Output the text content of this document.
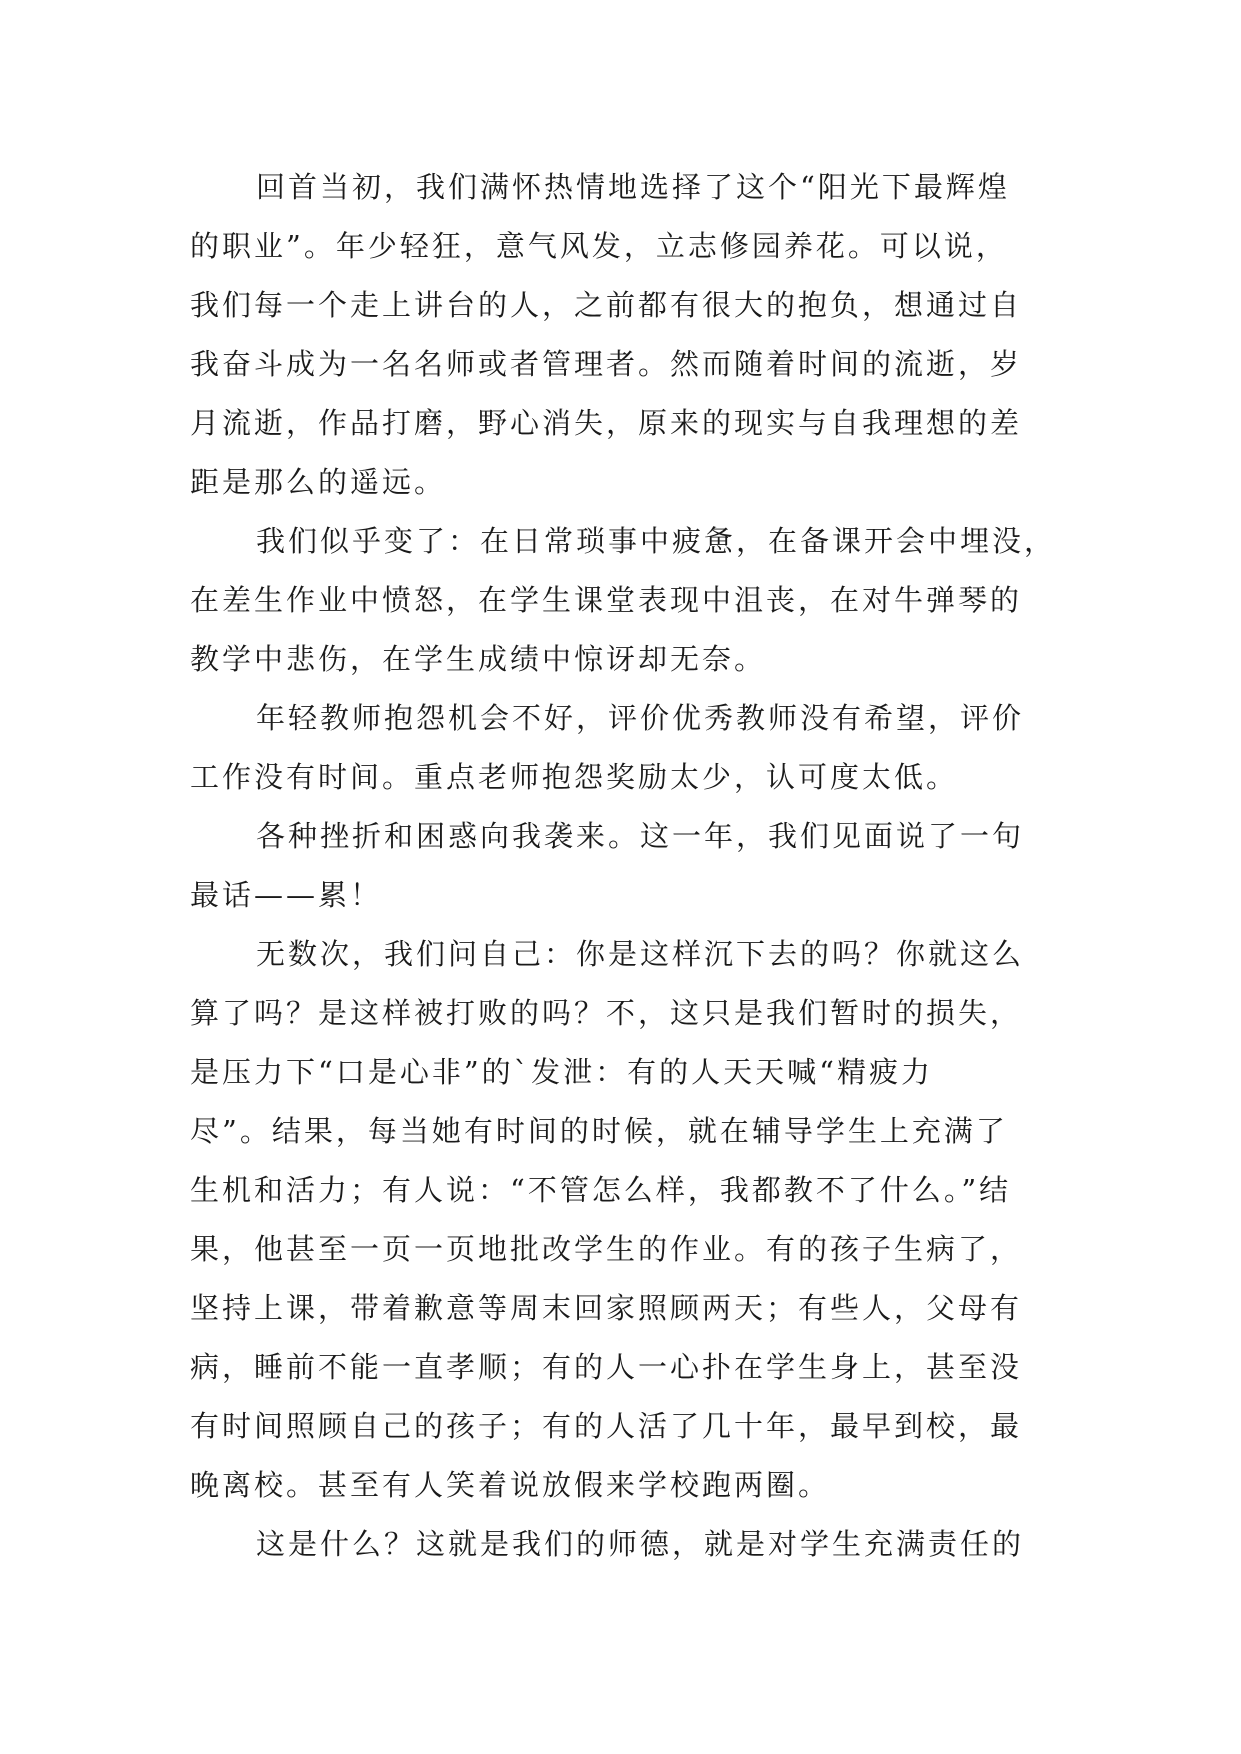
回首当初，我们满怀热情地选择了这个“阳光下最辉煌
的职业”。年少轻狂，意气风发，立志修园养花。可以说，
我们每一个走上讲台的人，之前都有很大的抱负，想通过自
我奋斗成为一名名师或者管理者。然而随着时间的流逝，岁
月流逝，作品打磨，野心消失，原来的现实与自我理想的差
距是那么的遥远。

我们似乎变了：在日常琐事中疲惫，在备课开会中埋没，
在差生作业中愤怒，在学生课堂表现中沮丧，在对牛弹琴的
教学中悲伤，在学生成绩中惊讶却无奈。

年轻教师抱怨机会不好，评价优秀教师没有希望，评价
工作没有时间。重点老师抱怨奖励太少，认可度太低。

各种挫折和困惑向我袭来。这一年，我们见面说了一句
最话——累！

无数次，我们问自己：你是这样沉下去的吗？你就这么
算了吗？是这样被打败的吗？不，这只是我们暂时的损失，
是压力下“口是心非”的`发泄：有的人天天喊“精疲力
尽”。结果，每当她有时间的时候，就在辅导学生上充满了
生机和活力；有人说：“不管怎么样，我都教不了什么。”结
果，他甚至一页一页地批改学生的作业。有的孩子生病了，
坚持上课，带着歉意等周末回家照顾两天；有些人，父母有
病，睡前不能一直孝顺；有的人一心扑在学生身上，甚至没
有时间照顾自己的孩子；有的人活了几十年，最早到校，最
晚离校。甚至有人笑着说放假来学校跑两圈。

这是什么？这就是我们的师德，就是对学生充满责任的
